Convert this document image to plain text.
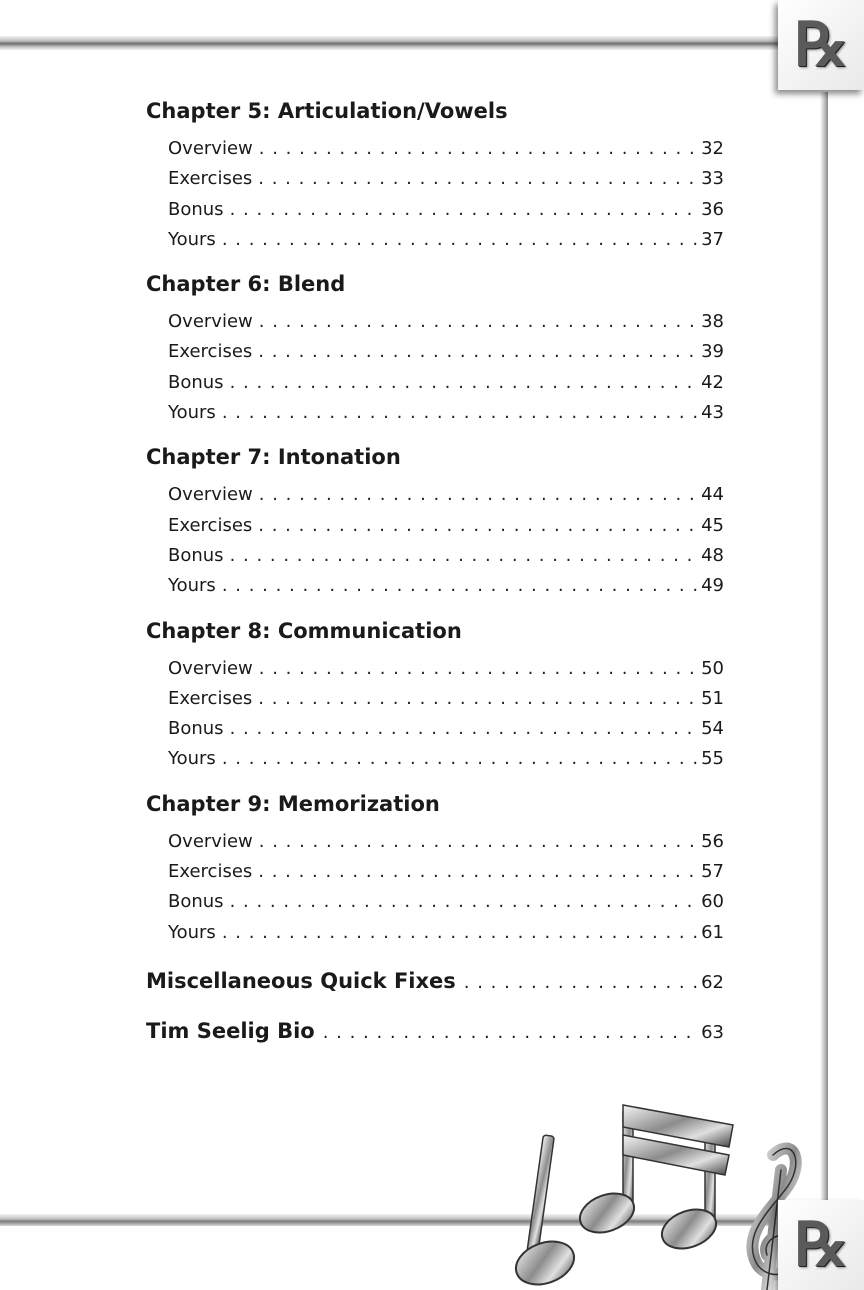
℞
Chapter 5: Articulation/Vowels
Overview . . .	32
Exercises . . .	33
Bonus . . .	36
Yours . . .	37
Chapter 6: Blend
Overview . . .	38
Exercises . . .	39
Bonus . . .	42
Yours . . .	43
Chapter 7: Intonation
Overview . . .	44
Exercises . . .	45
Bonus . . .	48
Yours . . .	49
Chapter 8: Communication
Overview . . .	50
Exercises . . .	51
Bonus . . .	54
Yours . . .	55
Chapter 9: Memorization
Overview . . .	56
Exercises . . .	57
Bonus . . .	60
Yours . . .	61
Miscellaneous Quick Fixes . . .	62
Tim Seelig Bio . . .	63
℞
